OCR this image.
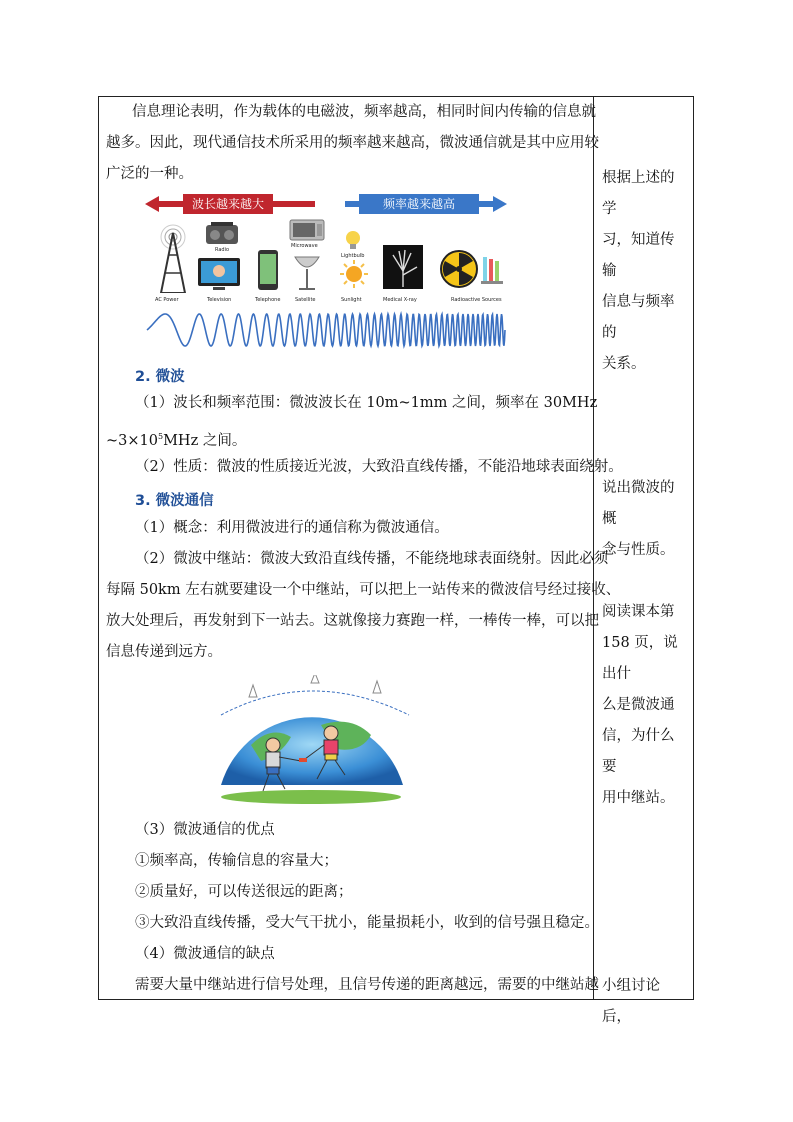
信息理论表明，作为载体的电磁波，频率越高，相同时间内传输的信息就

越多。因此，现代通信技术所采用的频率越来越高，微波通信就是其中应用较

广泛的一种。

波长越来越大	频率越来越高
AC Power
Radio
Television	Telephone
Microwave
Satellite
Lightbulb
Sunlight	Medical X-ray	Radioactive Sources
2. 微波

（1）波长和频率范围：微波波长在 10m~1mm 之间，频率在 30MHz

$\sim 3\times 10^5MHz$ 之间。

（2）性质：微波的性质接近光波，大致沿直线传播，不能沿地球表面绕射。

3. 微波通信

（1）概念：利用微波进行的通信称为微波通信。

（2）微波中继站：微波大致沿直线传播，不能绕地球表面绕射。因此必须

每隔 50km 左右就要建设一个中继站，可以把上一站传来的微波信号经过接收、

放大处理后，再发射到下一站去。这就像接力赛跑一样，一棒传一棒，可以把

信息传递到远方。

（3）微波通信的优点

①频率高，传输信息的容量大；

②质量好，可以传送很远的距离；

③大致沿直线传播，受大气干扰小，能量损耗小，收到的信号强且稳定。

（4）微波通信的缺点

需要大量中继站进行信号处理，且信号传递的距离越远，需要的中继站越

根据上述的学
习，知道传输
信息与频率的
关系。
说出微波的概
念与性质。
阅读课本第
158 页，说出什
么是微波通
信，为什么要
用中继站。
小组讨论后，
